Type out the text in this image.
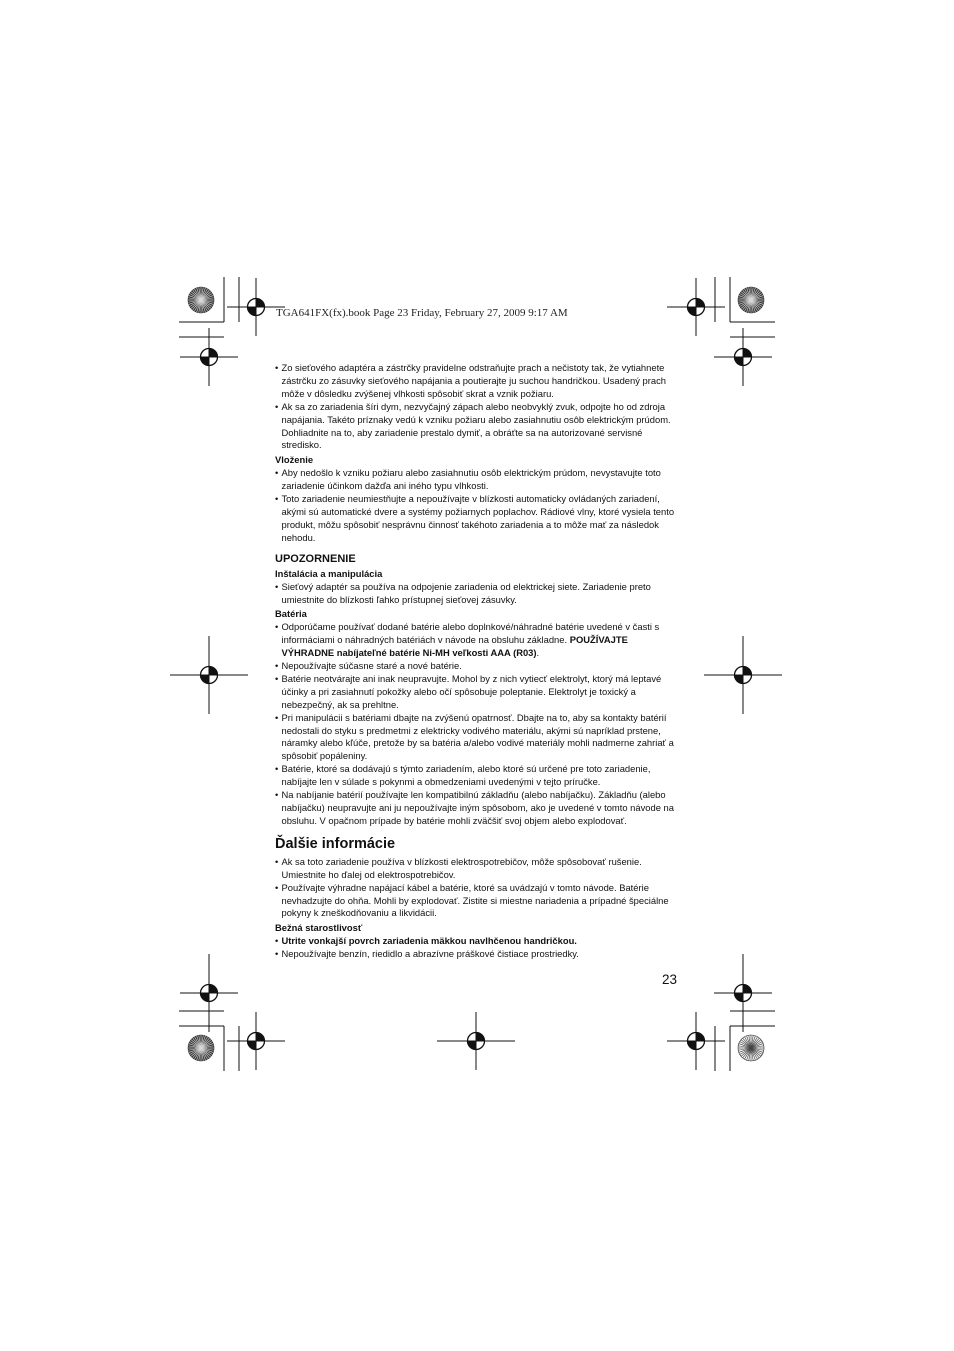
TGA641FX(fx).book Page 23 Friday, February 27, 2009 9:17 AM

• Zo sieťového adaptéra a zástrčky pravidelne odstraňujte prach a nečistoty tak, že vytiahnete zástrčku zo zásuvky sieťového napájania a poutierajte ju suchou handričkou. Usadený prach môže v dôsledku zvýšenej vlhkosti spôsobiť skrat a vznik požiaru.

• Ak sa zo zariadenia šíri dym, nezvyčajný zápach alebo neobvyklý zvuk, odpojte ho od zdroja napájania. Takéto príznaky vedú k vzniku požiaru alebo zasiahnutiu osôb elektrickým prúdom. Dohliadnite na to, aby zariadenie prestalo dymiť, a obráťte sa na autorizované servisné stredisko.

Vloženie

• Aby nedošlo k vzniku požiaru alebo zasiahnutiu osôb elektrickým prúdom, nevystavujte toto zariadenie účinkom dažďa ani iného typu vlhkosti.

• Toto zariadenie neumiestňujte a nepoužívajte v blízkosti automaticky ovládaných zariadení, akými sú automatické dvere a systémy požiarnych poplachov. Rádiové vlny, ktoré vysiela tento produkt, môžu spôsobiť nesprávnu činnosť takéhoto zariadenia a to môže mať za následok nehodu.

UPOZORNENIE
Inštalácia a manipulácia

• Sieťový adaptér sa používa na odpojenie zariadenia od elektrickej siete. Zariadenie preto umiestnite do blízkosti ľahko prístupnej sieťovej zásuvky.

Batéria

• Odporúčame používať dodané batérie alebo doplnkové/náhradné batérie uvedené v časti s informáciami o náhradných batériách v návode na obsluhu základne. POUŽÍVAJTE VÝHRADNE nabíjateľné batérie Ni-MH veľkosti AAA (R03).

• Nepoužívajte súčasne staré a nové batérie.

• Batérie neotvárajte ani inak neupravujte. Mohol by z nich vytiecť elektrolyt, ktorý má leptavé účinky a pri zasiahnutí pokožky alebo očí spôsobuje poleptanie. Elektrolyt je toxický a nebezpečný, ak sa prehltne.

• Pri manipulácii s batériami dbajte na zvýšenú opatrnosť. Dbajte na to, aby sa kontakty batérií nedostali do styku s predmetmi z elektricky vodivého materiálu, akými sú napríklad prstene, náramky alebo kľúče, pretože by sa batéria a/alebo vodivé materiály mohli nadmerne zahriať a spôsobiť popáleniny.

• Batérie, ktoré sa dodávajú s týmto zariadením, alebo ktoré sú určené pre toto zariadenie, nabíjajte len v súlade s pokynmi a obmedzeniami uvedenými v tejto príručke.

• Na nabíjanie batérií používajte len kompatibilnú základňu (alebo nabíjačku). Základňu (alebo nabíjačku) neupravujte ani ju nepoužívajte iným spôsobom, ako je uvedené v tomto návode na obsluhu. V opačnom prípade by batérie mohli zväčšiť svoj objem alebo explodovať.

Ďalšie informácie

• Ak sa toto zariadenie používa v blízkosti elektrospotrebičov, môže spôsobovať rušenie. Umiestnite ho ďalej od elektrospotrebičov.

• Používajte výhradne napájací kábel a batérie, ktoré sa uvádzajú v tomto návode. Batérie nevhadzujte do ohňa. Mohli by explodovať. Zistite si miestne nariadenia a prípadné špeciálne pokyny k zneškodňovaniu a likvidácii.

Bežná starostlivosť

• Utrite vonkajší povrch zariadenia mäkkou navlhčenou handričkou.

• Nepoužívajte benzín, riedidlo a abrazívne práškové čistiace prostriedky.

23
